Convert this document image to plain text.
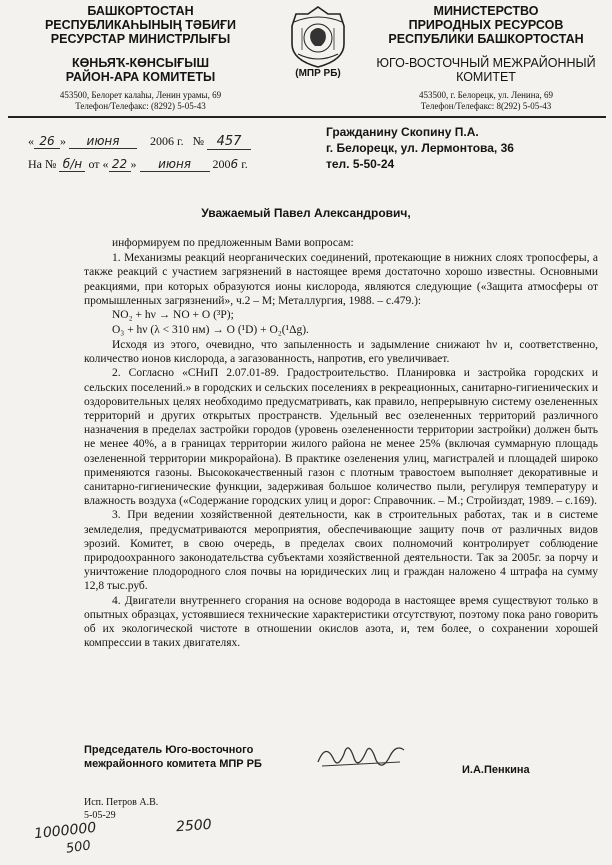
БАШКОРТОСТАН
РЕСПУБЛИКАҺЫНЫҢ ТӘБИҒИ
РЕСУРСТАР МИНИСТРЛЫҒЫ
КӨНЬЯҠ-КӨНСЫҒЫШ
РАЙОН-АРА КОМИТЕТЫ
453500, Белорет калаһы, Ленин урамы, 69
Телефон/Телефакс: (8292) 5-05-43
(МПР РБ)
МИНИСТЕРСТВО
ПРИРОДНЫХ РЕСУРСОВ
РЕСПУБЛИКИ БАШКОРТОСТАН
ЮГО-ВОСТОЧНЫЙ МЕЖРАЙОННЫЙ
КОМИТЕТ
453500, г. Белорецк, ул. Ленина, 69
Телефон/Телефакс: 8(292) 5-05-43
« 26 » июня	2006 г. № 457
На № б/н от « 22 » июня 2006 г.
Гражданину Скопину П.А.
г. Белорецк, ул. Лермонтова, 36
тел. 5-50-24
Уважаемый Павел Александрович,
информируем по предложенным Вами вопросам:

1. Механизмы реакций неорганических соединений, протекающие в нижних слоях тропосферы, а также реакций с участием загрязнений в настоящее время достаточно хорошо известны. Основными реакциями, при которых образуются ионы кислорода, являются следующие («Защита атмосферы от промышленных загрязнений», ч.2 – М; Металлургия, 1988. – с.479.):

NO₂ + hν → NO + O (³P);
O₃ + hν (λ < 310 нм) → O (¹D) + O₂(¹Δg).

Исходя из этого, очевидно, что запыленность и задымление снижают hν и, соответственно, количество ионов кислорода, а загазованность, напротив, его увеличивает.

2. Согласно «СНиП 2.07.01-89. Градостроительство. Планировка и застройка городских и сельских поселений.» в городских и сельских поселениях в рекреационных, санитарно-гигиенических и оздоровительных целях необходимо предусматривать, как правило, непрерывную систему озелененных территорий и других открытых пространств. Удельный вес озелененных территорий различного назначения в пределах застройки городов (уровень озелененности территории застройки) должен быть не менее 40%, а в границах территории жилого района не менее 25% (включая суммарную площадь озелененной территории микрорайона). В практике озеленения улиц, магистралей и площадей широко применяются газоны. Высококачественный газон с плотным травостоем выполняет декоративные и санитарно-гигиенические функции, задерживая большое количество пыли, регулируя температуру и влажность воздуха («Содержание городских улиц и дорог: Справочник. – М.; Стройиздат, 1989. – с.169).

3. При ведении хозяйственной деятельности, как в строительных работах, так и в системе земледелия, предусматриваются мероприятия, обеспечивающие защиту почв от различных видов эрозий. Комитет, в свою очередь, в пределах своих полномочий контролирует соблюдение природоохранного законодательства субъектами хозяйственной деятельности. Так за 2005г. за порчу и уничтожение плодородного слоя почвы на юридических лиц и граждан наложено 4 штрафа на сумму 12,8 тыс.руб.

4. Двигатели внутреннего сгорания на основе водорода в настоящее время существуют только в опытных образцах, устоявшиеся технические характеристики отсутствуют, поэтому пока рано говорить об их экологической чистоте в отношении окислов азота, и, тем более, о сохранении хорошей компрессии в таких двигателях.

Председатель Юго-восточного
межрайонного комитета МПР РБ	И.А.Пенкина
Исп. Петров А.В.
5-05-29
1000000	2500
500
